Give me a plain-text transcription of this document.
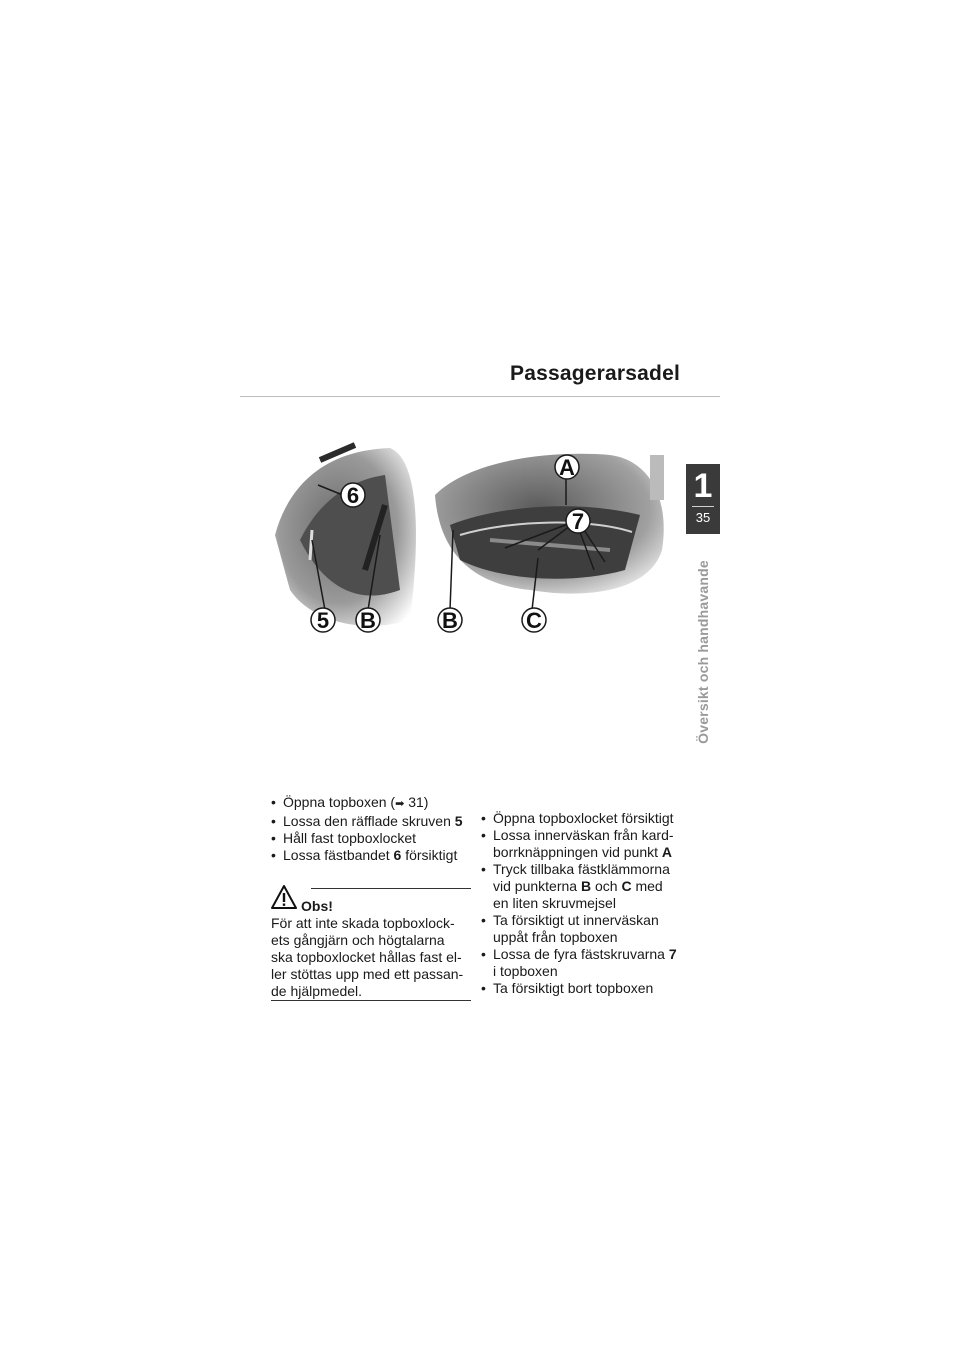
Passagerarsadel
1
35
Översikt och handhavande
A
6
7
5 B	B	C
• Öppna topboxen (➡ 31)
• Lossa den räfflade skruven 5
• Håll fast topboxlocket
• Lossa fästbandet 6 försiktigt
Obs!
För att inte skada topboxlock-
ets gångjärn och högtalarna
ska topboxlocket hållas fast el-
ler stöttas upp med ett passan-
de hjälpmedel.
• Öppna topboxlocket försiktigt
• Lossa innerväskan från kard-
borrknäppningen vid punkt A
• Tryck tillbaka fästklämmorna
vid punkterna B och C med
en liten skruvmejsel
• Ta försiktigt ut innerväskan
uppåt från topboxen
• Lossa de fyra fästskruvarna 7
i topboxen
• Ta försiktigt bort topboxen
